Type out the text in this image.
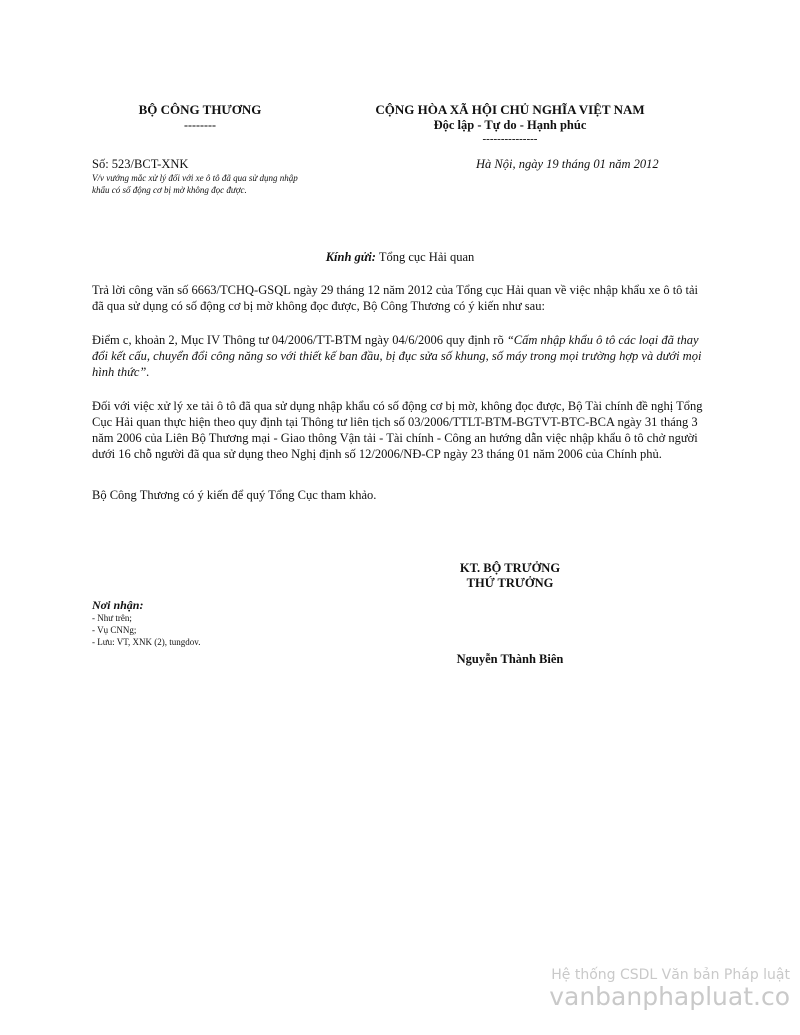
BỘ CÔNG THƯƠNG
--------
CỘNG HÒA XÃ HỘI CHỦ NGHĨA VIỆT NAM
Độc lập - Tự do - Hạnh phúc
---------------
Số: 523/BCT-XNK
V/v vướng mắc xử lý đối với xe ô tô đã qua sử dụng nhập khẩu có số động cơ bị mờ không đọc được.
Hà Nội, ngày 19 tháng 01 năm 2012
Kính gửi: Tổng cục Hải quan
Trả lời công văn số 6663/TCHQ-GSQL ngày 29 tháng 12 năm 2012 của Tổng cục Hải quan về việc nhập khẩu xe ô tô tải đã qua sử dụng có số động cơ bị mờ không đọc được, Bộ Công Thương có ý kiến như sau:
Điểm c, khoản 2, Mục IV Thông tư 04/2006/TT-BTM ngày 04/6/2006 quy định rõ “Cấm nhập khẩu ô tô các loại đã thay đổi kết cấu, chuyển đổi công năng so với thiết kế ban đầu, bị đục sửa số khung, số máy trong mọi trường hợp và dưới mọi hình thức”.
Đối với việc xử lý xe tải ô tô đã qua sử dụng nhập khẩu có số động cơ bị mờ, không đọc được, Bộ Tài chính đề nghị Tổng Cục Hải quan thực hiện theo quy định tại Thông tư liên tịch số 03/2006/TTLT-BTM-BGTVT-BTC-BCA ngày 31 tháng 3 năm 2006 của Liên Bộ Thương mại - Giao thông Vận tải - Tài chính - Công an hướng dẫn việc nhập khẩu ô tô chở người dưới 16 chỗ người đã qua sử dụng theo Nghị định số 12/2006/NĐ-CP ngày 23 tháng 01 năm 2006 của Chính phủ.
Bộ Công Thương có ý kiến để quý Tổng Cục tham khảo.
KT. BỘ TRƯỞNG
THỨ TRƯỞNG
Nguyễn Thành Biên
Nơi nhận:
- Như trên;
- Vụ CNNg;
- Lưu: VT, XNK (2), tungdov.
Hệ thống CSDL Văn bản Pháp luật
vanbanphapluat.co
